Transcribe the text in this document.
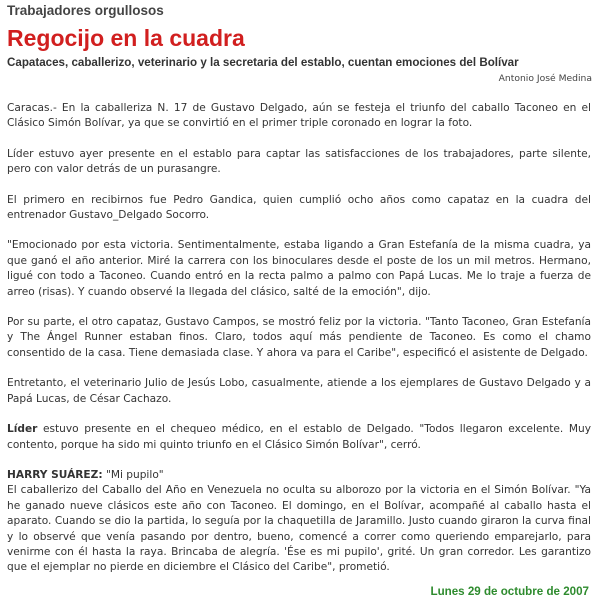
Trabajadores orgullosos
Regocijo en la cuadra
Capataces, caballerizo, veterinario y la secretaria del establo, cuentan emociones del Bolívar
Antonio José Medina

Caracas.- En la caballeriza N. 17 de Gustavo Delgado, aún se festeja el triunfo del caballo Taconeo en el Clásico Simón Bolívar, ya que se convirtió en el primer triple coronado en lograr la foto.

Líder estuvo ayer presente en el establo para captar las satisfacciones de los trabajadores, parte silente, pero con valor detrás de un purasangre.

El primero en recibirnos fue Pedro Gandica, quien cumplió ocho años como capataz en la cuadra del entrenador Gustavo_Delgado Socorro.

"Emocionado por esta victoria. Sentimentalmente, estaba ligando a Gran Estefanía de la misma cuadra, ya que ganó el año anterior. Miré la carrera con los binoculares desde el poste de los un mil metros. Hermano, ligué con todo a Taconeo. Cuando entró en la recta palmo a palmo con Papá Lucas. Me lo traje a fuerza de arreo (risas). Y cuando observé la llegada del clásico, salté de la emoción", dijo.

Por su parte, el otro capataz, Gustavo Campos, se mostró feliz por la victoria. "Tanto Taconeo, Gran Estefanía y The Ángel Runner estaban finos. Claro, todos aquí más pendiente de Taconeo. Es como el chamo consentido de la casa. Tiene demasiada clase. Y ahora va para el Caribe", especificó el asistente de Delgado.

Entretanto, el veterinario Julio de Jesús Lobo, casualmente, atiende a los ejemplares de Gustavo Delgado y a Papá Lucas, de César Cachazo.

Líder estuvo presente en el chequeo médico, en el establo de Delgado. "Todos llegaron excelente. Muy contento, porque ha sido mi quinto triunfo en el Clásico Simón Bolívar", cerró.

HARRY SUÁREZ: "Mi pupilo"
El caballerizo del Caballo del Año en Venezuela no oculta su alborozo por la victoria en el Simón Bolívar. "Ya he ganado nueve clásicos este año con Taconeo. El domingo, en el Bolívar, acompañé al caballo hasta el aparato. Cuando se dio la partida, lo seguía por la chaquetilla de Jaramillo. Justo cuando giraron la curva final y lo observé que venía pasando por dentro, bueno, comencé a correr como queriendo emparejarlo, para venirme con él hasta la raya. Brincaba de alegría. 'Ése es mi pupilo', grité. Un gran corredor. Les garantizo que el ejemplar no pierde en diciembre el Clásico del Caribe", prometió.

Lunes 29 de octubre de 2007
